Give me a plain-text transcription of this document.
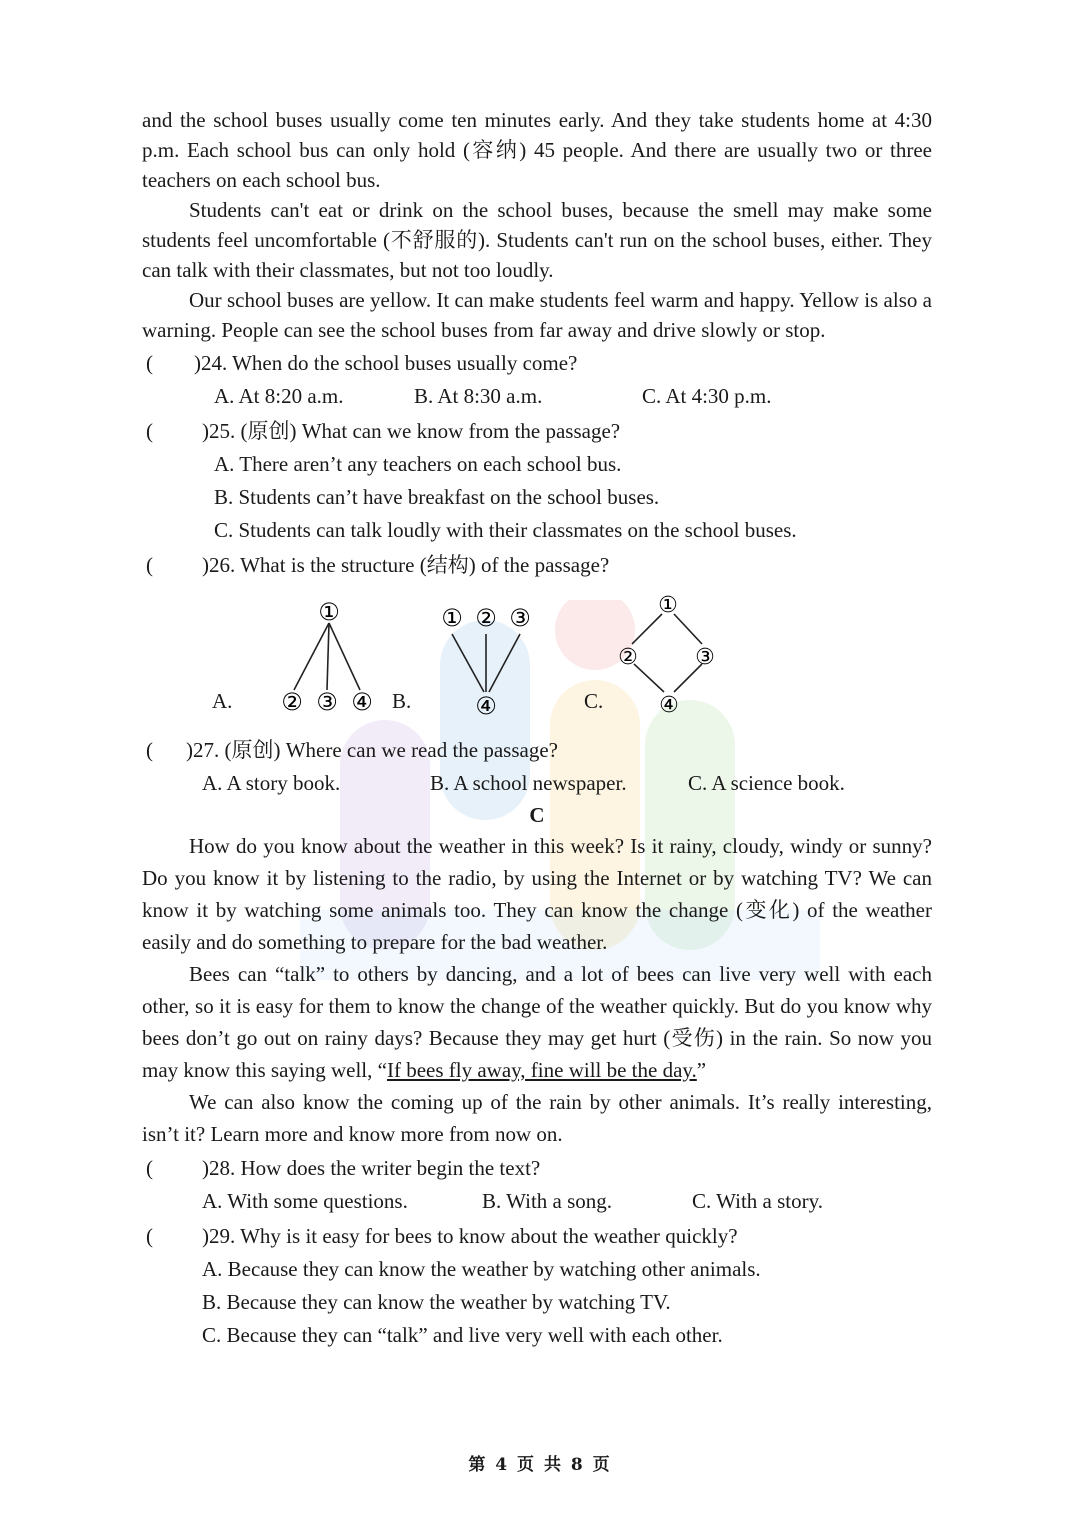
and the school buses usually come ten minutes early. And they take students home at 4:30 p.m. Each school bus can only hold (容纳) 45 people. And there are usually two or three teachers on each school bus.

Students can't eat or drink on the school buses, because the smell may make some students feel uncomfortable (不舒服的). Students can't run on the school buses, either. They can talk with their classmates, but not too loudly.

Our school buses are yellow. It can make students feel warm and happy. Yellow is also a warning. People can see the school buses from far away and drive slowly or stop.

( )24. When do the school buses usually come?
A. At 8:20 a.m.	B. At 8:30 a.m.	C. At 4:30 p.m.
( )25. (原创) What can we know from the passage?
A. There aren’t any teachers on each school bus.
B. Students can’t have breakfast on the school buses.
C. Students can talk loudly with their classmates on the school buses.
( )26. What is the structure (结构) of the passage?
A.	B.	C.
①
② ③ ④
① ② ③
④
①
②	③
④
( )27. (原创) Where can we read the passage?
A. A story book.	B. A school newspaper.	C. A science book.
C

How do you know about the weather in this week? Is it rainy, cloudy, windy or sunny? Do you know it by listening to the radio, by using the Internet or by watching TV? We can know it by watching some animals too. They can know the change (变化) of the weather easily and do something to prepare for the bad weather.

Bees can “talk” to others by dancing, and a lot of bees can live very well with each other, so it is easy for them to know the change of the weather quickly. But do you know why bees don’t go out on rainy days? Because they may get hurt (受伤) in the rain. So now you may know this saying well, “If bees fly away, fine will be the day.”

We can also know the coming up of the rain by other animals. It’s really interesting, isn’t it? Learn more and know more from now on.

( )28. How does the writer begin the text?
A. With some questions.	B. With a song.	C. With a story.
( )29. Why is it easy for bees to know about the weather quickly?
A. Because they can know the weather by watching other animals.
B. Because they can know the weather by watching TV.
C. Because they can “talk” and live very well with each other.
第 4 页 共 8 页
